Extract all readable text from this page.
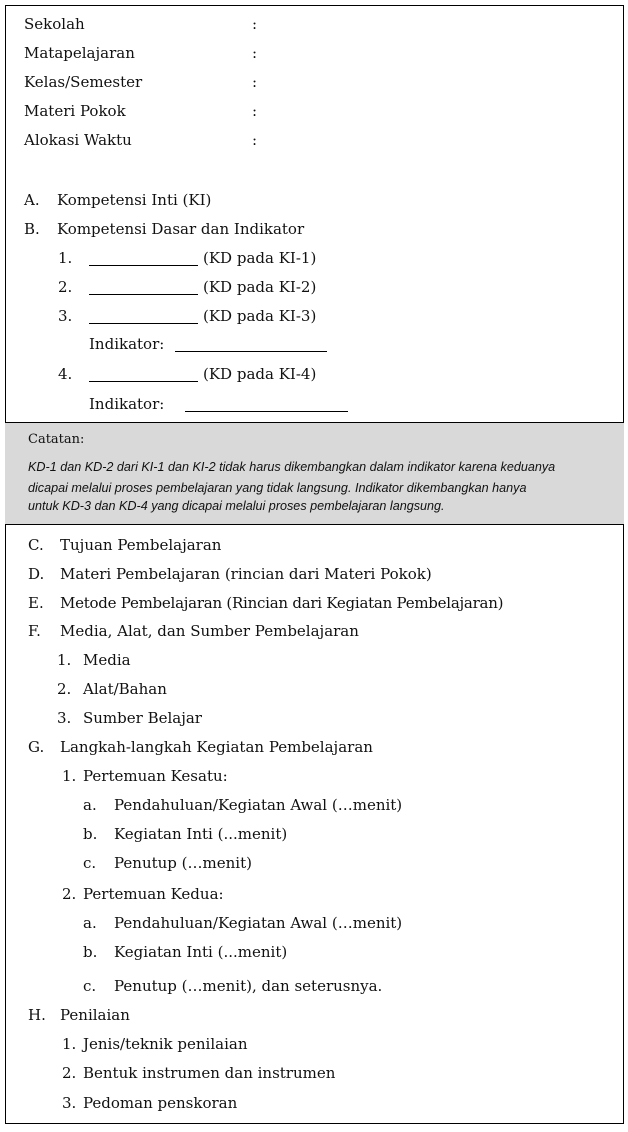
Sekolah	:
Matapelajaran	:
Kelas/Semester	:
Materi Pokok	:
Alokasi Waktu	:
A. Kompetensi Inti (KI)
B. Kompetensi Dasar dan Indikator
1.	(KD pada KI-1)
2.	(KD pada KI-2)
3.	(KD pada KI-3)
Indikator:
4.	(KD pada KI-4)
Indikator:
Catatan:
KD-1 dan KD-2 dari KI-1 dan KI-2 tidak harus dikembangkan dalam indikator karena keduanya
dicapai melalui proses pembelajaran yang tidak langsung. Indikator dikembangkan hanya
untuk KD-3 dan KD-4 yang dicapai melalui proses pembelajaran langsung.
C. Tujuan Pembelajaran
D. Materi Pembelajaran (rincian dari Materi Pokok)
E. Metode Pembelajaran (Rincian dari Kegiatan Pembelajaran)
F. Media, Alat, dan Sumber Pembelajaran
1. Media
2. Alat/Bahan
3. Sumber Belajar
G. Langkah-langkah Kegiatan Pembelajaran
1. Pertemuan Kesatu:
a. Pendahuluan/Kegiatan Awal (…menit)
b. Kegiatan Inti (...menit)
c. Penutup (…menit)
2. Pertemuan Kedua:
a. Pendahuluan/Kegiatan Awal (…menit)
b. Kegiatan Inti (...menit)
c. Penutup (…menit), dan seterusnya.
H. Penilaian
1. Jenis/teknik penilaian
2. Bentuk instrumen dan instrumen
3. Pedoman penskoran
